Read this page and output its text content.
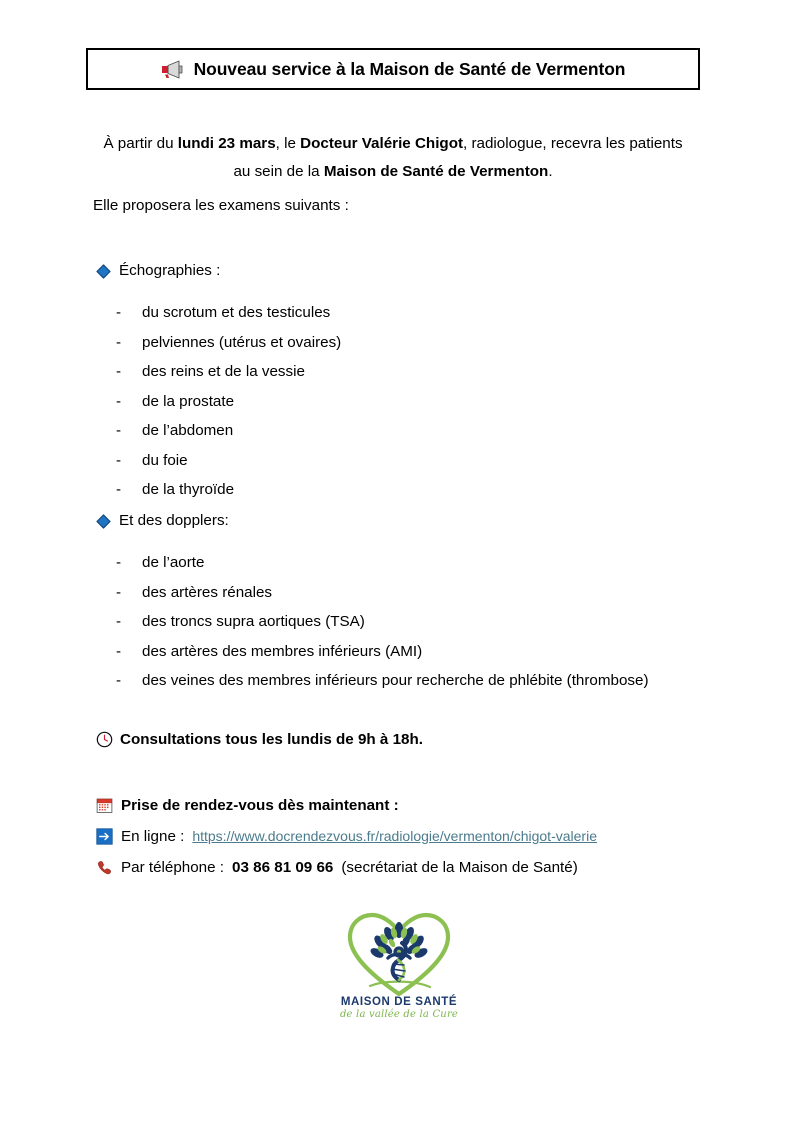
Nouveau service à la Maison de Santé de Vermenton

À partir du lundi 23 mars, le Docteur Valérie Chigot, radiologue, recevra les patients au sein de la Maison de Santé de Vermenton.

Elle proposera les examens suivants :
Échographies :
-	du scrotum et des testicules
-	pelviennes (utérus et ovaires)
-	des reins et de la vessie
-	de la prostate
-	de l’abdomen
-	du foie
-	de la thyroïde
Et des dopplers:
-	de l’aorte
-	des artères rénales
-	des troncs supra aortiques (TSA)
-	des artères des membres inférieurs (AMI)
-	des veines des membres inférieurs pour recherche de phlébite (thrombose)
Consultations tous les lundis de 9h à 18h.
Prise de rendez-vous dès maintenant :
En ligne : https://www.docrendezvous.fr/radiologie/vermenton/chigot-valerie
Par téléphone : 03 86 81 09 66 (secrétariat de la Maison de Santé)
MAISON DE SANTÉ
de la vallée de la Cure
